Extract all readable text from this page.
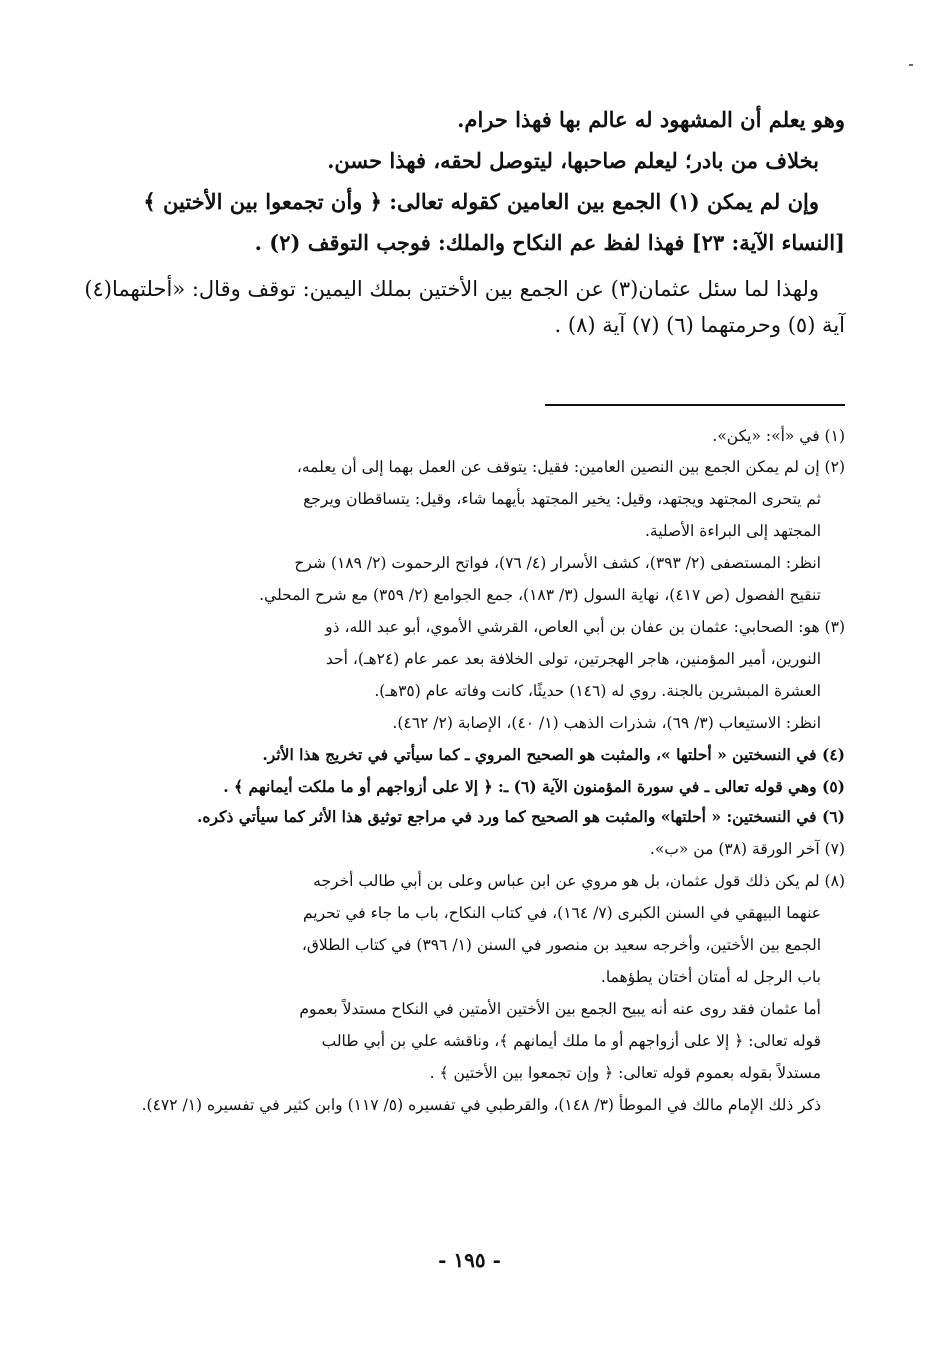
وهو يعلم أن المشهود له عالم بها فهذا حرام.

بخلاف من بادر؛ ليعلم صاحبها، ليتوصل لحقه، فهذا حسن.

وإن لم يمكن (١) الجمع بين العامين كقوله تعالى: ﴿ وأن تجمعوا بين الأختين ﴾

[النساء الآية: ٢٣] فهذا لفظ عم النكاح والملك: فوجب التوقف (٢) .

ولهذا لما سئل عثمان(٣) عن الجمع بين الأختين بملك اليمين: توقف وقال: «أحلتهما(٤)

آية (٥) وحرمتهما (٦) (٧) آية (٨) .

(١) في «أ»: «يكن».

(٢) إن لم يمكن الجمع بين النصين العامين: فقيل: يتوقف عن العمل بهما إلى أن يعلمه،

ثم يتحرى المجتهد ويجتهد، وقيل: يخير المجتهد بأيهما شاء، وقيل: يتساقطان ويرجع

المجتهد إلى البراءة الأصلية.

انظر: المستصفى (٢/ ٣٩٣)، كشف الأسرار (٤/ ٧٦)، فواتح الرحموت (٢/ ١٨٩) شرح

تنقيح الفصول (ص ٤١٧)، نهاية السول (٣/ ١٨٣)، جمع الجوامع (٢/ ٣٥٩) مع شرح المحلي.

(٣) هو: الصحابي: عثمان بن عفان بن أبي العاص، القرشي الأموي، أبو عبد الله، ذو

النورين، أمير المؤمنين، هاجر الهجرتين، تولى الخلافة بعد عمر عام (٢٤هـ)، أحد

العشرة المبشرين بالجنة. روي له (١٤٦) حديثًا، كانت وفاته عام (٣٥هـ).

انظر: الاستيعاب (٣/ ٦٩)، شذرات الذهب (١/ ٤٠)، الإصابة (٢/ ٤٦٢).

(٤) في النسختين « أحلتها »، والمثبت هو الصحيح المروي ـ كما سيأتي في تخريج هذا الأثر.

(٥) وهي قوله تعالى ـ في سورة المؤمنون الآية (٦) ـ: ﴿ إلا على أزواجهم أو ما ملكت أيمانهم ﴾ .

(٦) في النسختين: « أحلتها» والمثبت هو الصحيح كما ورد في مراجع توثيق هذا الأثر كما سيأتي ذكره.

(٧) آخر الورقة (٣٨) من «ب».

(٨) لم يكن ذلك قول عثمان، بل هو مروي عن ابن عباس وعلى بن أبي طالب أخرجه

عنهما البيهقي في السنن الكبرى (٧/ ١٦٤)، في كتاب النكاح، باب ما جاء في تحريم

الجمع بين الأختين، وأخرجه سعيد بن منصور في السنن (١/ ٣٩٦) في كتاب الطلاق،

باب الرجل له أمتان أختان يطؤهما.

أما عثمان فقد روى عنه أنه يبيح الجمع بين الأختين الأمتين في النكاح مستدلاً بعموم

قوله تعالى: ﴿ إلا على أزواجهم أو ما ملك أيمانهم ﴾، وناقشه علي بن أبي طالب

مستدلاً بقوله بعموم قوله تعالى: ﴿ وإن تجمعوا بين الأختين ﴾ .

ذكر ذلك الإمام مالك في الموطأ (٣/ ١٤٨)، والقرطبي في تفسيره (٥/ ١١٧) وابن كثير في تفسيره (١/ ٤٧٢).

- ١٩٥ -
